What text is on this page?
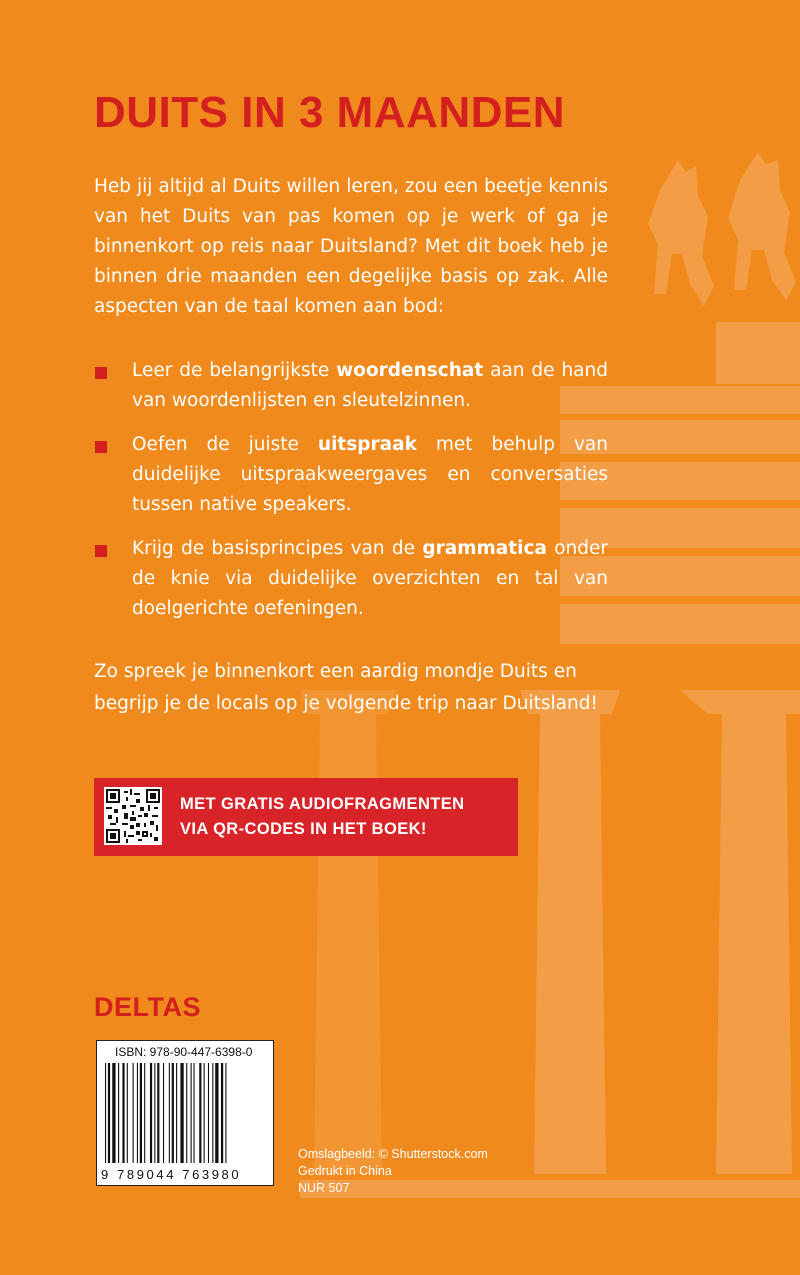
DUITS IN 3 MAANDEN

Heb jij altijd al Duits willen leren, zou een beetje kennis van het Duits van pas komen op je werk of ga je binnenkort op reis naar Duitsland? Met dit boek heb je binnen drie maanden een degelijke basis op zak. Alle aspecten van de taal komen aan bod:

Leer de belangrijkste woordenschat aan de hand van woordenlijsten en sleutelzinnen.
Oefen de juiste uitspraak met behulp van duidelijke uitspraakweergaves en conversaties tussen native speakers.
Krijg de basisprincipes van de grammatica onder de knie via duidelijke overzichten en tal van doelgerichte oefeningen.

Zo spreek je binnenkort een aardig mondje Duits en begrijp je de locals op je volgende trip naar Duitsland!

MET GRATIS AUDIOFRAGMENTEN
VIA QR-CODES IN HET BOEK!
DELTAS
ISBN: 978-90-447-6398-0
9 789044 763980
Omslagbeeld: © Shutterstock.com
Gedrukt in China
NUR 507
